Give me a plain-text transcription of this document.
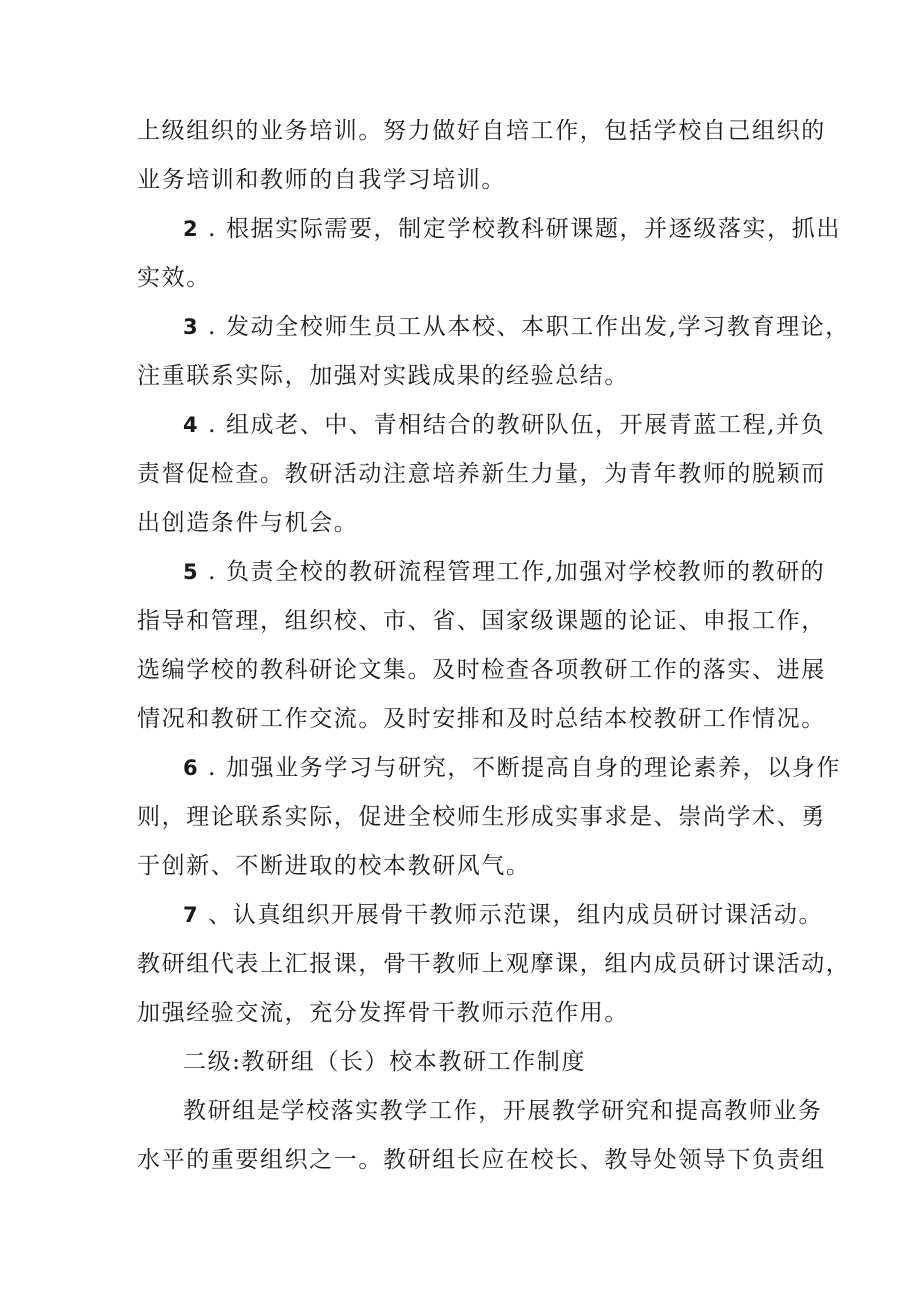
上级组织的业务培训。努力做好自培工作，包括学校自己组织的
业务培训和教师的自我学习培训。
2 . 根据实际需要，制定学校教科研课题，并逐级落实，抓出
实效。
3 . 发动全校师生员工从本校、本职工作出发,学习教育理论，
注重联系实际，加强对实践成果的经验总结。
4 . 组成老、中、青相结合的教研队伍，开展青蓝工程,并负
责督促检查。教研活动注意培养新生力量，为青年教师的脱颖而
出创造条件与机会。
5 . 负责全校的教研流程管理工作,加强对学校教师的教研的
指导和管理，组织校、市、省、国家级课题的论证、申报工作，
选编学校的教科研论文集。及时检查各项教研工作的落实、进展
情况和教研工作交流。及时安排和及时总结本校教研工作情况。
6 . 加强业务学习与研究，不断提高自身的理论素养，以身作
则，理论联系实际，促进全校师生形成实事求是、崇尚学术、勇
于创新、不断进取的校本教研风气。
7 、认真组织开展骨干教师示范课，组内成员研讨课活动。
教研组代表上汇报课，骨干教师上观摩课，组内成员研讨课活动，
加强经验交流，充分发挥骨干教师示范作用。
二级:教研组（长）校本教研工作制度
教研组是学校落实教学工作，开展教学研究和提高教师业务
水平的重要组织之一。教研组长应在校长、教导处领导下负责组
